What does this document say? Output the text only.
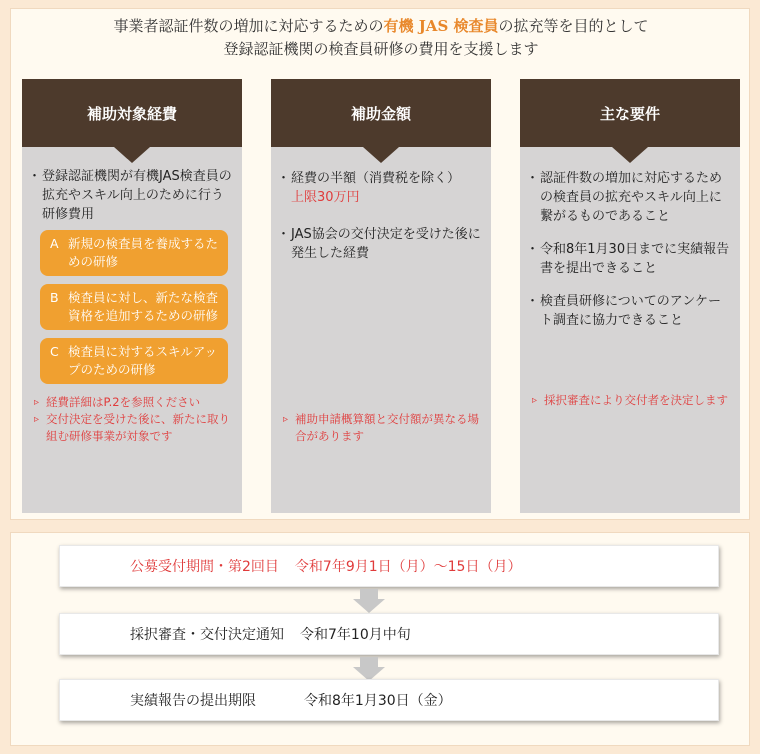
事業者認証件数の増加に対応するための有機 JAS 検査員の拡充等を目的として
登録認証機関の検査員研修の費用を支援します
補助対象経費
・ 登録認証機関が有機JAS検査員の拡充やスキル向上のために行う研修費用
A 新規の検査員を養成するための研修
B 検査員に対し、新たな検査資格を追加するための研修
C 検査員に対するスキルアップのための研修
▹ 経費詳細はP.2を参照ください
▹ 交付決定を受けた後に、新たに取り組む研修事業が対象です
補助金額
・ 経費の半額（消費税を除く）
上限30万円
・ JAS協会の交付決定を受けた後に発生した経費
▹ 補助申請概算額と交付額が異なる場合があります
主な要件
・ 認証件数の増加に対応するための検査員の拡充やスキル向上に繋がるものであること
・ 令和8年1月30日までに実績報告書を提出できること
・ 検査員研修についてのアンケート調査に協力できること
▹ 採択審査により交付者を決定します
公募受付期間・第2回目 令和7年9月1日（月）～15日（月）
採択審査・交付決定通知 令和7年10月中旬
実績報告の提出期限	令和8年1月30日（金）
